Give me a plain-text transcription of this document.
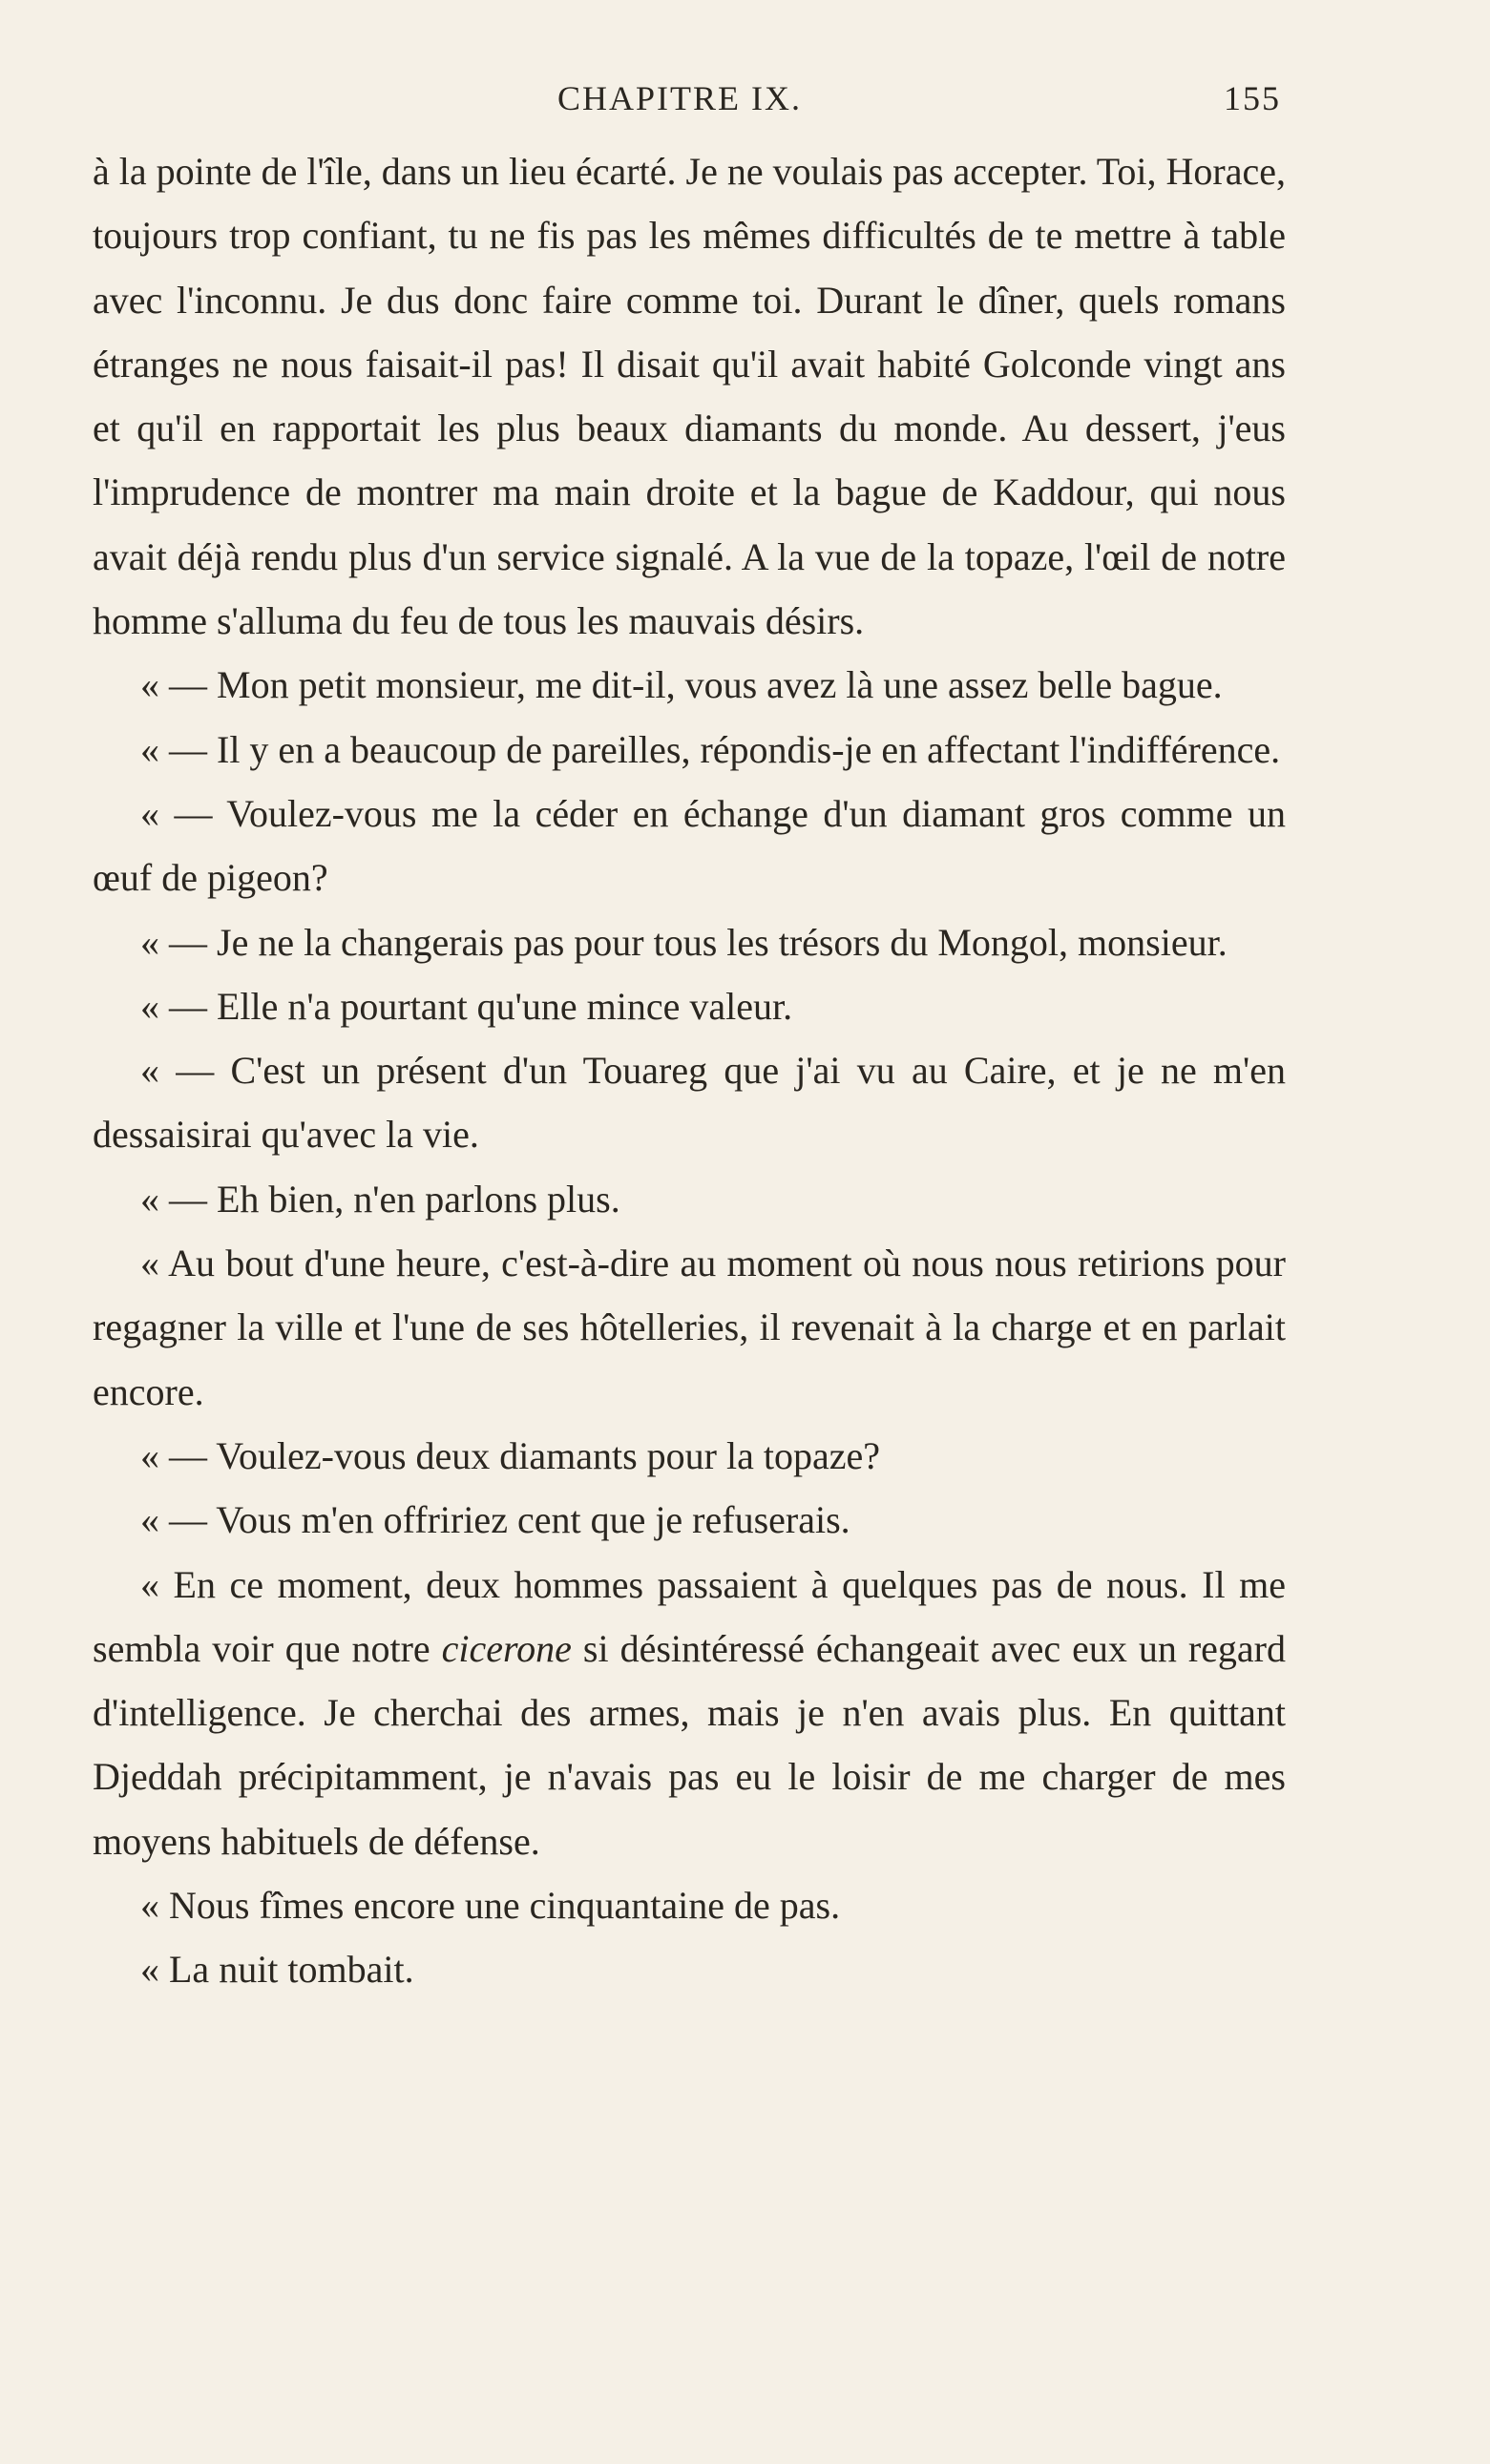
CHAPITRE IX.	155

à la pointe de l'île, dans un lieu écarté. Je ne voulais pas accepter. Toi, Horace, toujours trop confiant, tu ne fis pas les mêmes difficultés de te mettre à table avec l'inconnu. Je dus donc faire comme toi. Durant le dîner, quels romans étranges ne nous faisait-il pas! Il disait qu'il avait habité Golconde vingt ans et qu'il en rapportait les plus beaux diamants du monde. Au dessert, j'eus l'imprudence de montrer ma main droite et la bague de Kaddour, qui nous avait déjà rendu plus d'un service signalé. A la vue de la topaze, l'œil de notre homme s'alluma du feu de tous les mauvais désirs.

« — Mon petit monsieur, me dit-il, vous avez là une assez belle bague.

« — Il y en a beaucoup de pareilles, répondis-je en affectant l'indifférence.

« — Voulez-vous me la céder en échange d'un diamant gros comme un œuf de pigeon?

« — Je ne la changerais pas pour tous les trésors du Mongol, monsieur.

« — Elle n'a pourtant qu'une mince valeur.

« — C'est un présent d'un Touareg que j'ai vu au Caire, et je ne m'en dessaisirai qu'avec la vie.

« — Eh bien, n'en parlons plus.

« Au bout d'une heure, c'est-à-dire au moment où nous nous retirions pour regagner la ville et l'une de ses hôtelleries, il revenait à la charge et en parlait encore.

« — Voulez-vous deux diamants pour la topaze?

« — Vous m'en offririez cent que je refuserais.

« En ce moment, deux hommes passaient à quelques pas de nous. Il me sembla voir que notre cicerone si désintéressé échangeait avec eux un regard d'intelligence. Je cherchai des armes, mais je n'en avais plus. En quittant Djeddah précipitamment, je n'avais pas eu le loisir de me charger de mes moyens habituels de défense.

« Nous fîmes encore une cinquantaine de pas.

« La nuit tombait.
